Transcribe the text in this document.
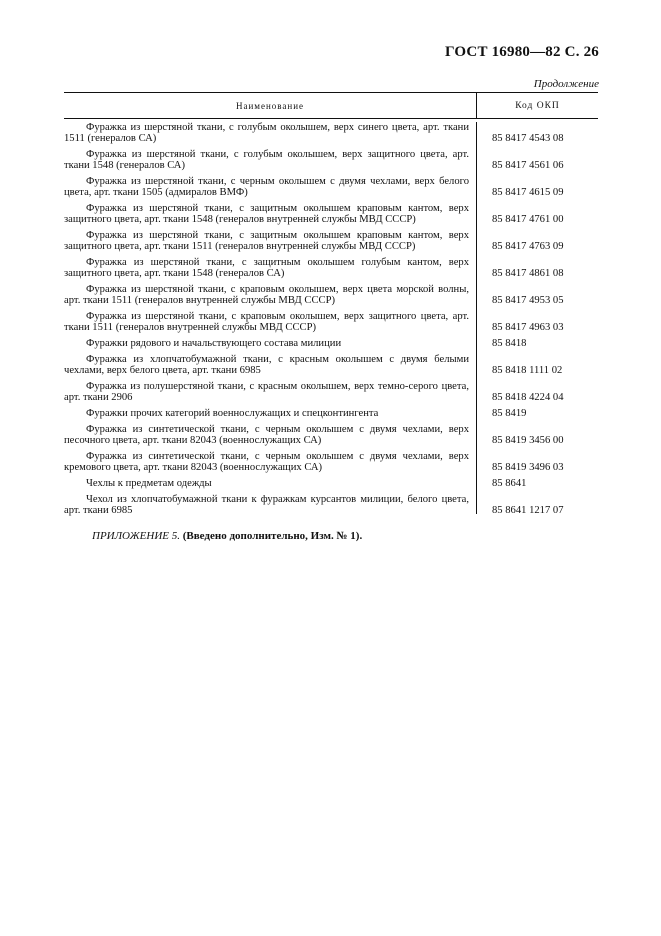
ГОСТ 16980—82 С. 26
Продолжение
Наименование	Код ОКП
Фуражка из шерстяной ткани, с голубым околышем, верх синего цвета, арт. ткани 1511 (генералов СА)	85 8417 4543 08
Фуражка из шерстяной ткани, с голубым околышем, верх защитного цвета, арт. ткани 1548 (генералов СА)	85 8417 4561 06
Фуражка из шерстяной ткани, с черным околышем с двумя чехлами, верх белого цвета, арт. ткани 1505 (адмиралов ВМФ)	85 8417 4615 09
Фуражка из шерстяной ткани, с защитным околышем краповым кантом, верх защитного цвета, арт. ткани 1548 (генералов внутренней службы МВД СССР)	85 8417 4761 00
Фуражка из шерстяной ткани, с защитным околышем краповым кантом, верх защитного цвета, арт. ткани 1511 (генералов внутренней службы МВД СССР)	85 8417 4763 09
Фуражка из шерстяной ткани, с защитным околышем голубым кантом, верх защитного цвета, арт. ткани 1548 (генералов СА)	85 8417 4861 08
Фуражка из шерстяной ткани, с краповым околышем, верх цвета морской волны, арт. ткани 1511 (генералов внутренней службы МВД СССР)	85 8417 4953 05
Фуражка из шерстяной ткани, с краповым околышем, верх защитного цвета, арт. ткани 1511 (генералов внутренней службы МВД СССР)	85 8417 4963 03
Фуражки рядового и начальствующего состава милиции	85 8418
Фуражка из хлопчатобумажной ткани, с красным околышем с двумя белыми чехлами, верх белого цвета, арт. ткани 6985	85 8418 1111 02
Фуражка из полушерстяной ткани, с красным околышем, верх темно-серого цвета, арт. ткани 2906	85 8418 4224 04
Фуражки прочих категорий военнослужащих и спецконтингента	85 8419
Фуражка из синтетической ткани, с черным околышем с двумя чехлами, верх песочного цвета, арт. ткани 82043 (военнослужащих СА)	85 8419 3456 00
Фуражка из синтетической ткани, с черным околышем с двумя чехлами, верх кремового цвета, арт. ткани 82043 (военнослужащих СА)	85 8419 3496 03
Чехлы к предметам одежды	85 8641
Чехол из хлопчатобумажной ткани к фуражкам курсантов милиции, белого цвета, арт. ткани 6985	85 8641 1217 07
ПРИЛОЖЕНИЕ 5. (Введено дополнительно, Изм. № 1).
